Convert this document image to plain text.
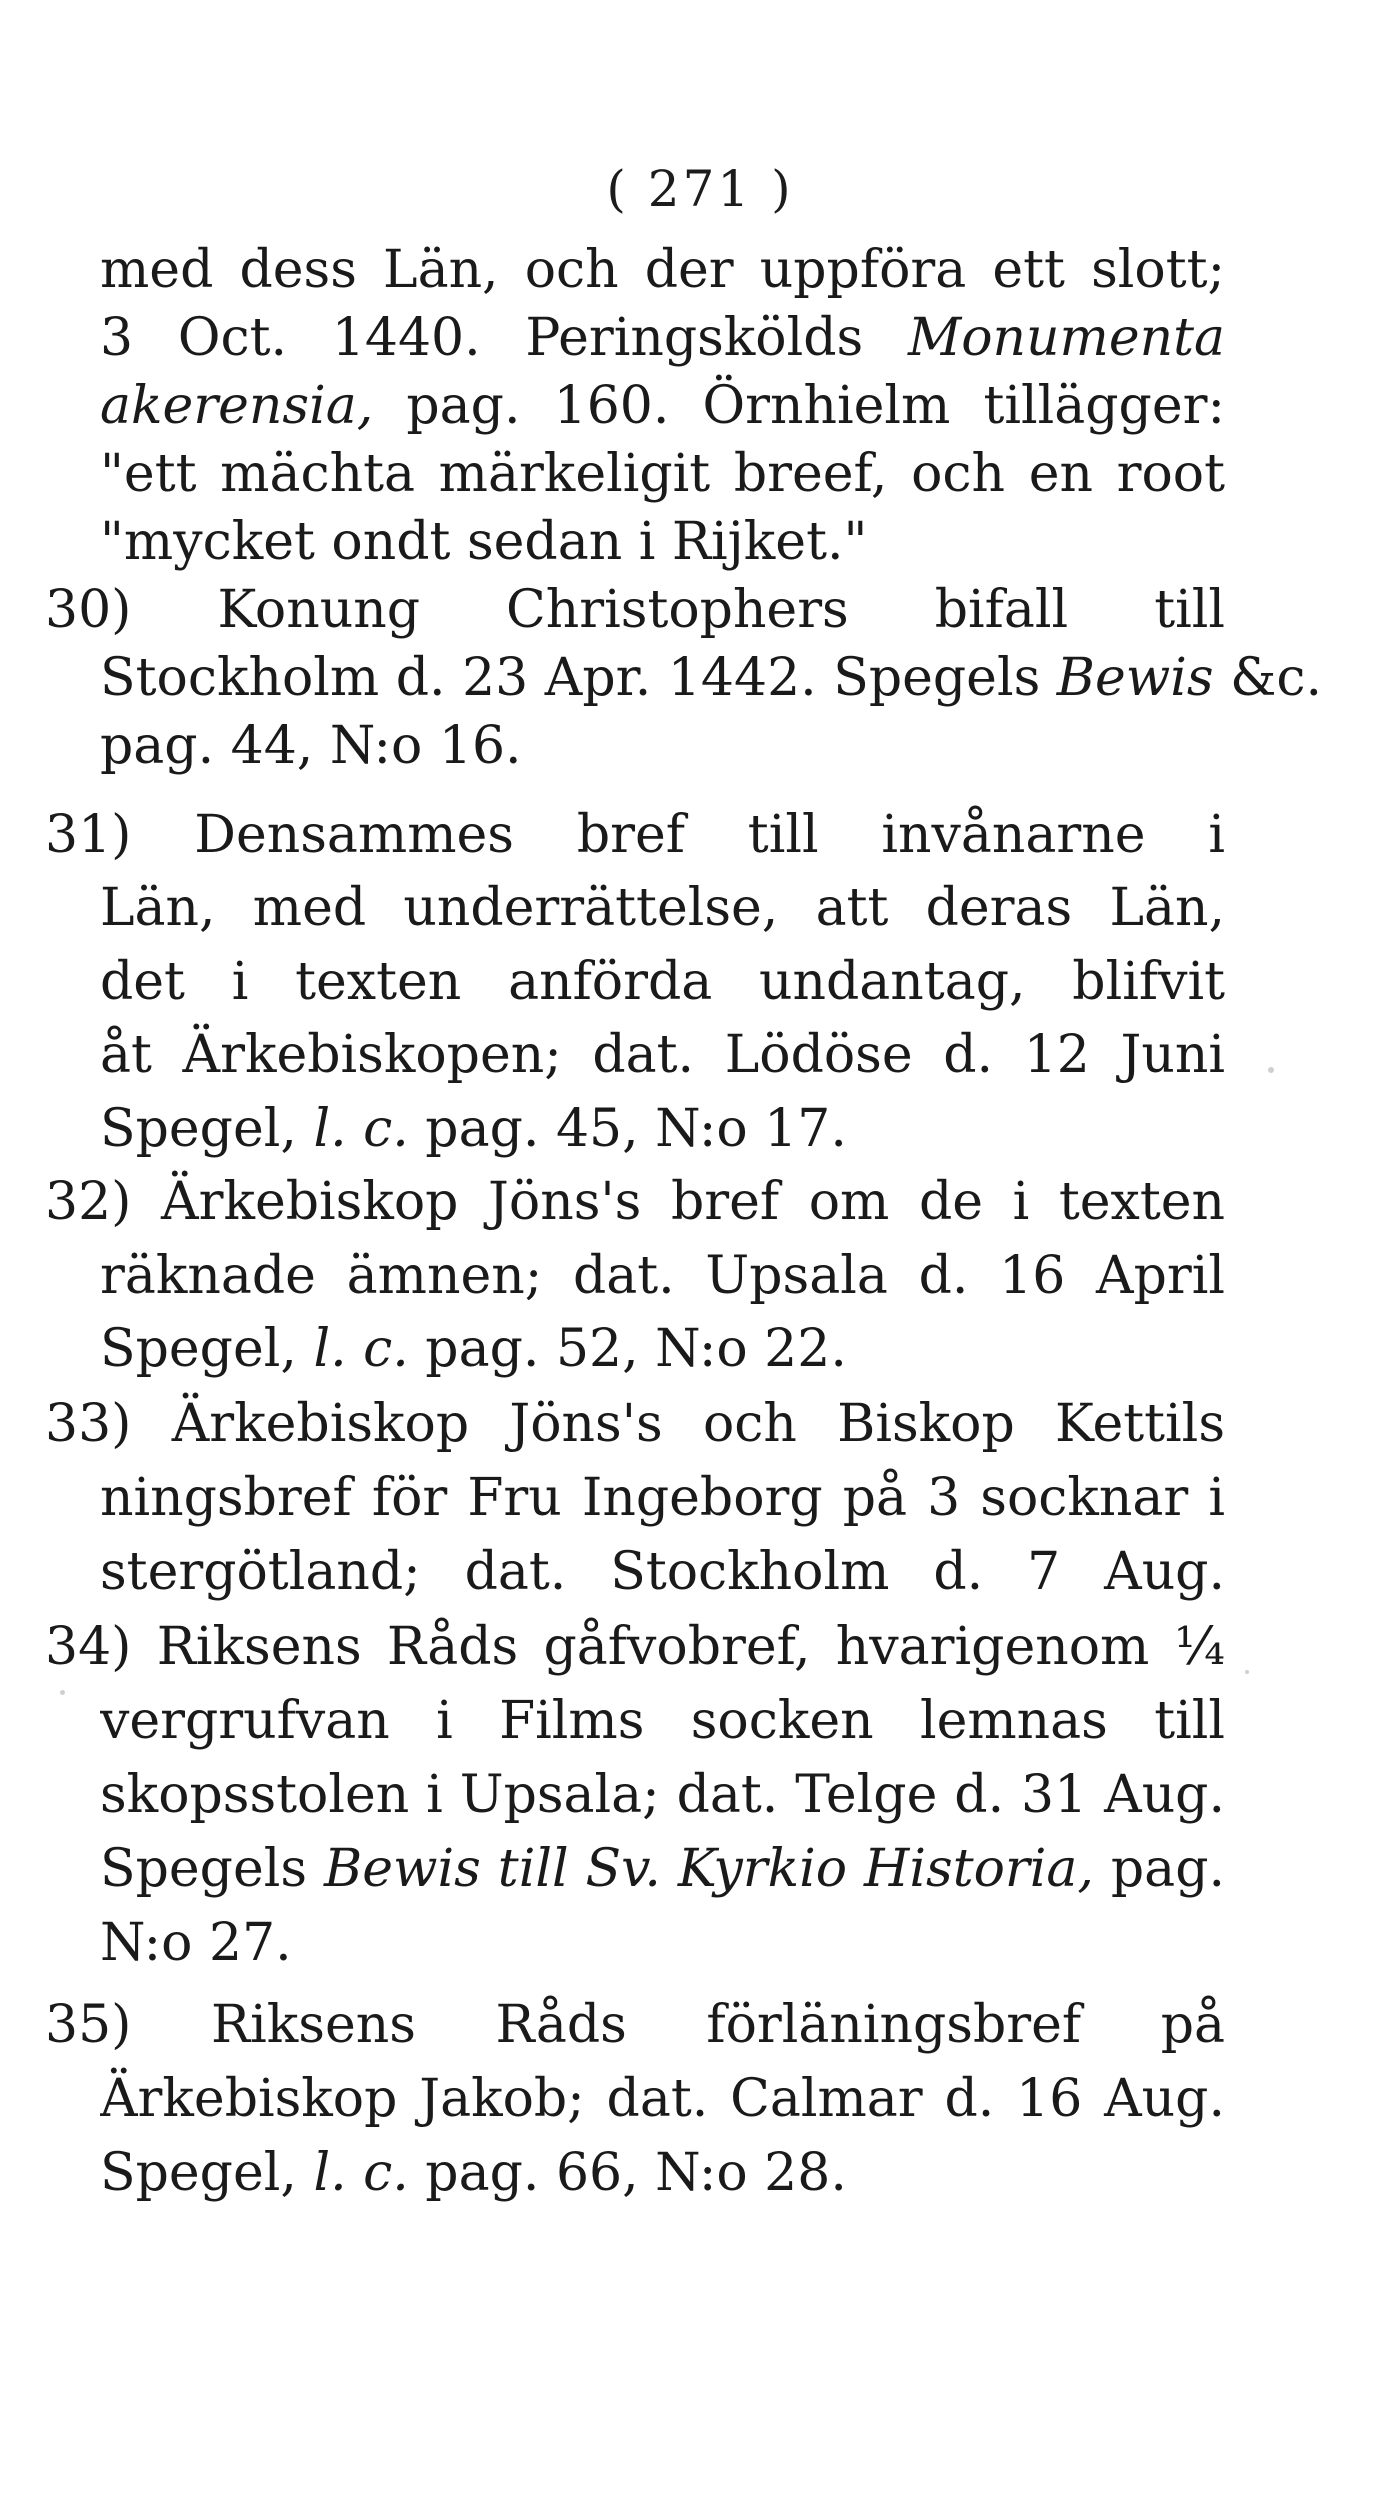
( 271 )
med dess Län, och der uppföra ett slott;
3 Oct. 1440. Peringskölds Monumenta
akerensia, pag. 160. Örnhielm tillägger:
"ett mächta märkeligit breef, och en root
"mycket ondt sedan i Rijket."
30) Konung Christophers bifall till
Stockholm d. 23 Apr. 1442. Spegels Bewis &c.
pag. 44, N:o 16.
31) Densammes bref till invånarne i
Län, med underrättelse, att deras Län,
det i texten anförda undantag, blifvit
åt Ärkebiskopen; dat. Lödöse d. 12 Juni
Spegel, l. c. pag. 45, N:o 17.
32) Ärkebiskop Jöns's bref om de i texten
räknade ämnen; dat. Upsala d. 16 April
Spegel, l. c. pag. 52, N:o 22.
33) Ärkebiskop Jöns's och Biskop Kettils
ningsbref för Fru Ingeborg på 3 socknar i
stergötland; dat. Stockholm d. 7 Aug.
34) Riksens Råds gåfvobref, hvarigenom ¼
vergrufvan i Films socken lemnas till
skopsstolen i Upsala; dat. Telge d. 31 Aug.
Spegels Bewis till Sv. Kyrkio Historia, pag.
N:o 27.
35) Riksens Råds förläningsbref på
Ärkebiskop Jakob; dat. Calmar d. 16 Aug.
Spegel, l. c. pag. 66, N:o 28.
